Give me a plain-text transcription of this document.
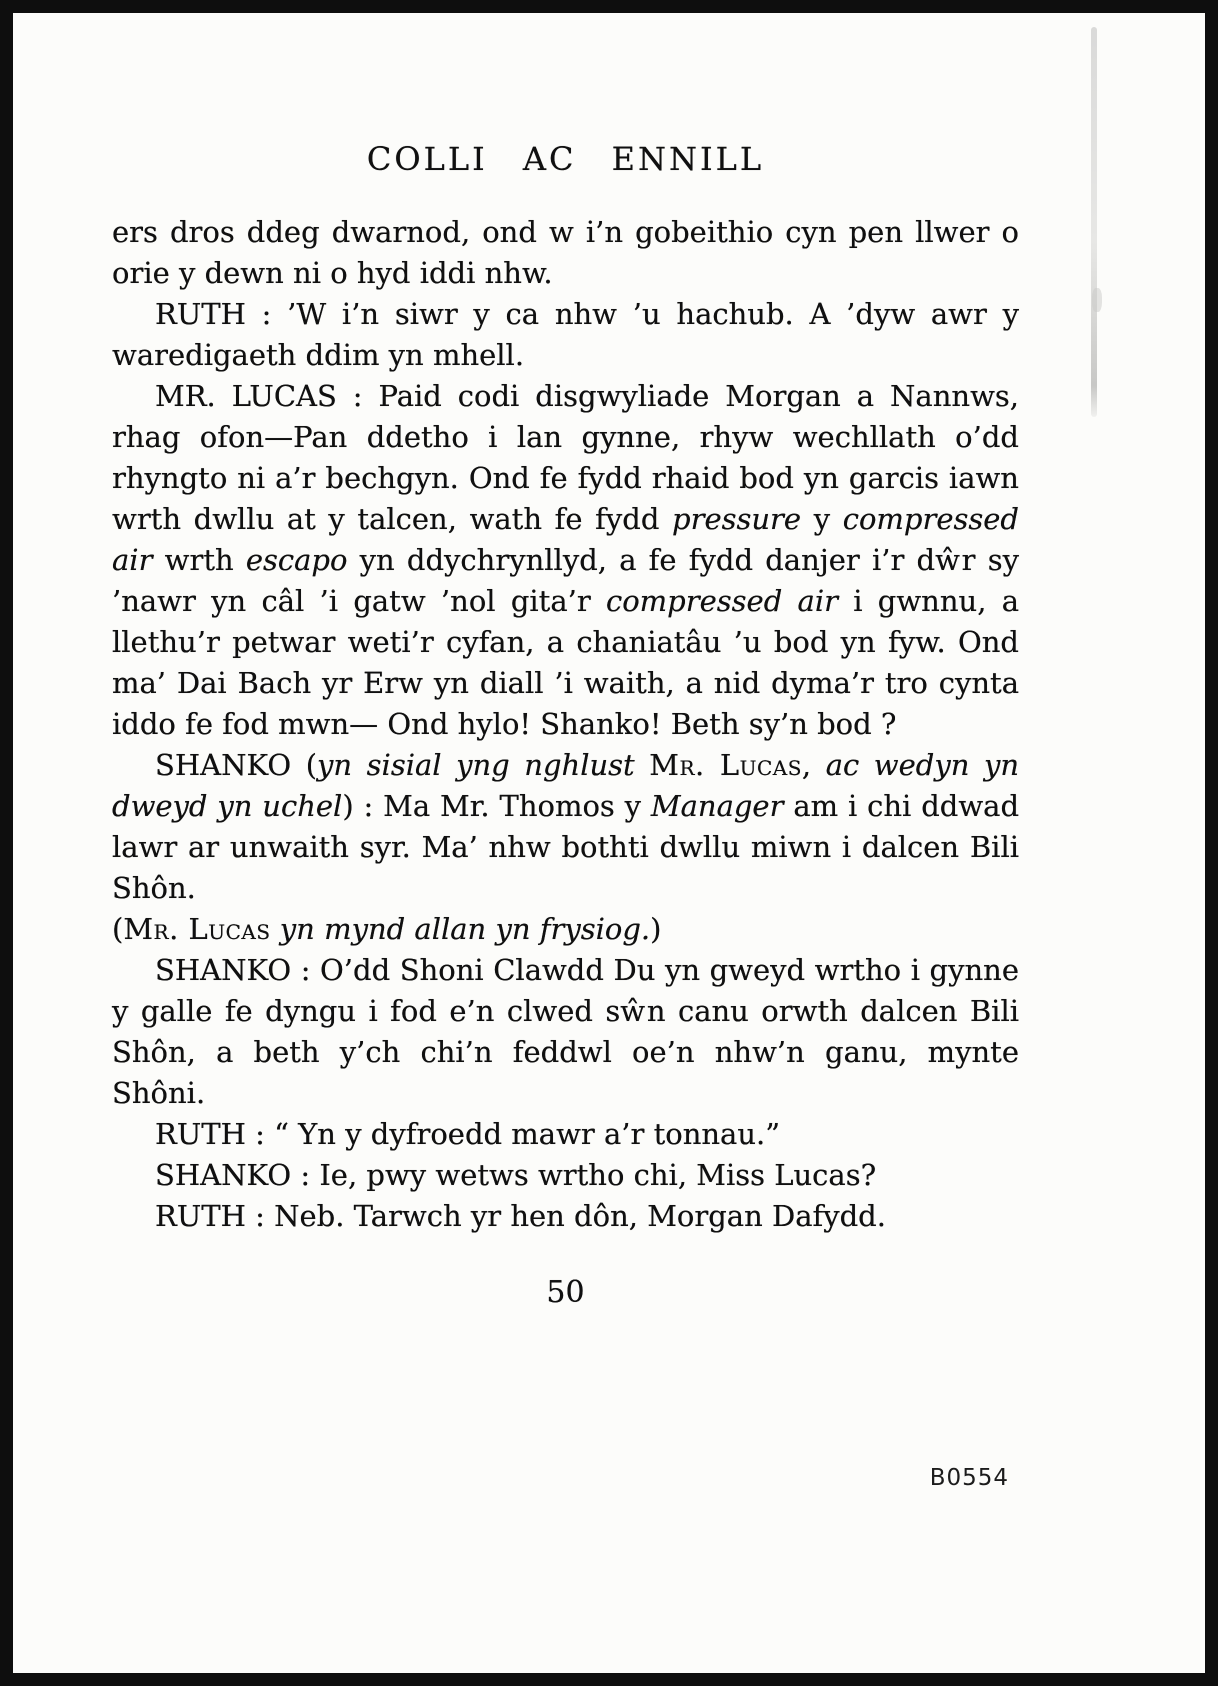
COLLI AC ENNILL

ers dros ddeg dwarnod, ond w i’n gobeithio cyn pen llwer o orie y dewn ni o hyd iddi nhw.

RUTH : ’W i’n siwr y ca nhw ’u hachub. A ’dyw awr y waredigaeth ddim yn mhell.

MR. LUCAS : Paid codi disgwyliade Morgan a Nannws, rhag ofon—Pan ddetho i lan gynne, rhyw wechllath o’dd rhyngto ni a’r bechgyn. Ond fe fydd rhaid bod yn garcis iawn wrth dwllu at y talcen, wath fe fydd pressure y compressed air wrth escapo yn ddychrynllyd, a fe fydd danjer i’r dŵr sy ’nawr yn câl ’i gatw ’nol gita’r compressed air i gwnnu, a llethu’r petwar weti’r cyfan, a chaniatâu ’u bod yn fyw. Ond ma’ Dai Bach yr Erw yn diall ’i waith, a nid dyma’r tro cynta iddo fe fod mwn— Ond hylo! Shanko! Beth sy’n bod ?

SHANKO (yn sisial yng nghlust Mr. Lucas, ac wedyn yn dweyd yn uchel) : Ma Mr. Thomos y Manager am i chi ddwad lawr ar unwaith syr. Ma’ nhw bothti dwllu miwn i dalcen Bili Shôn.

(Mr. Lucas yn mynd allan yn frysiog.)

SHANKO : O’dd Shoni Clawdd Du yn gweyd wrtho i gynne y galle fe dyngu i fod e’n clwed sŵn canu orwth dalcen Bili Shôn, a beth y’ch chi’n feddwl oe’n nhw’n ganu, mynte Shôni.

RUTH : “ Yn y dyfroedd mawr a’r tonnau.”

SHANKO : Ie, pwy wetws wrtho chi, Miss Lucas?

RUTH : Neb. Tarwch yr hen dôn, Morgan Dafydd.

50
B0554
